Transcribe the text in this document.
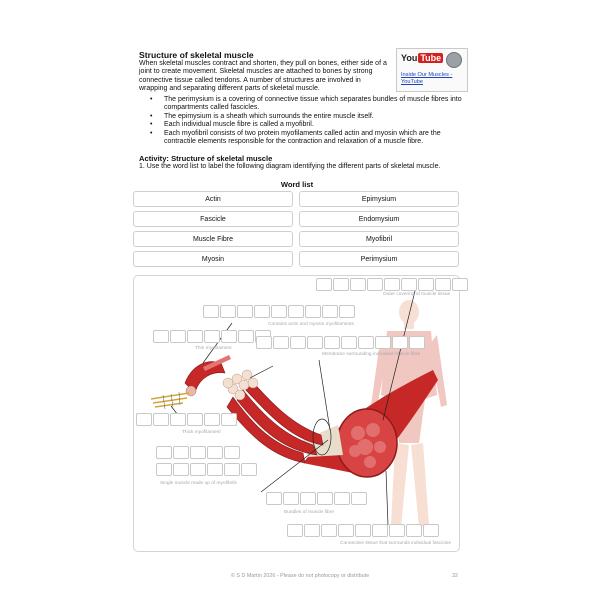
Structure of skeletal muscle
When skeletal muscles contract and shorten, they pull on bones, either side of a joint to create movement. Skeletal muscles are attached to bones by strong connective tissue called tendons. A number of structures are involved in wrapping and separating different parts of skeletal muscle.
• The perimysium is a covering of connective tissue which separates bundles of muscle fibres into compartments called fascicles.
• The epimysium is a sheath which surrounds the entire muscle itself.
• Each individual muscle fibre is called a myofibril.
• Each myofibril consists of two protein myofilaments called actin and myosin which are the contractile elements responsible for the contraction and relaxation of a muscle fibre.
You Tube
Inside Our Muscles - YouTube
Activity: Structure of skeletal muscle
1. Use the word list to label the following diagram identifying the different parts of skeletal muscle.
Word list
Actin	Epimysium
Fascicle	Endomysium
Muscle Fibre	Myofibril
Myosin	Perimysium
Outer covering of muscle tissue
Contains actin and myosin myofilaments
Thin myofilament
Membrane surrounding individual muscle fibre
Thick myofilament
Single muscle made up of myofibrils
Bundles of muscle fibre
Connective tissue that surrounds individual fascicles
© S D Martin 2026 - Please do not photocopy or distribute	32
